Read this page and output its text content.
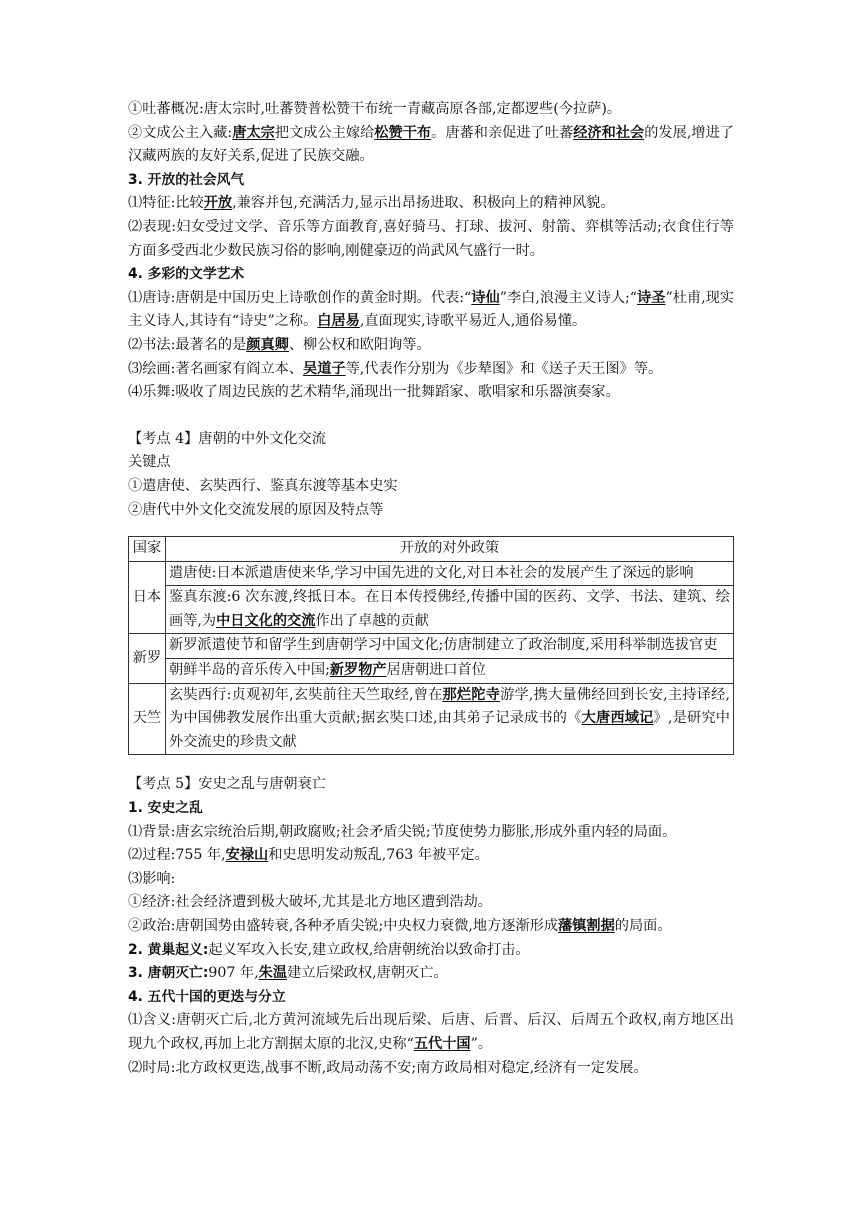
①吐蕃概况:唐太宗时,吐蕃赞普松赞干布统一青藏高原各部,定都逻些(今拉萨)。

②文成公主入藏:唐太宗把文成公主嫁给松赞干布。唐蕃和亲促进了吐蕃经济和社会的发展,增进了汉藏两族的友好关系,促进了民族交融。

3. 开放的社会风气

⑴特征:比较开放,兼容并包,充满活力,显示出昂扬进取、积极向上的精神风貌。

⑵表现:妇女受过文学、音乐等方面教育,喜好骑马、打球、拔河、射箭、弈棋等活动;衣食住行等方面多受西北少数民族习俗的影响,刚健豪迈的尚武风气盛行一时。

4. 多彩的文学艺术

⑴唐诗:唐朝是中国历史上诗歌创作的黄金时期。代表:“诗仙”李白,浪漫主义诗人;“诗圣”杜甫,现实主义诗人,其诗有“诗史”之称。白居易,直面现实,诗歌平易近人,通俗易懂。

⑵书法:最著名的是颜真卿、柳公权和欧阳询等。

⑶绘画:著名画家有阎立本、吴道子等,代表作分别为《步辇图》和《送子天王图》等。

⑷乐舞:吸收了周边民族的艺术精华,涌现出一批舞蹈家、歌唱家和乐器演奏家。

【考点 4】唐朝的中外文化交流

关键点

①遣唐使、玄奘西行、鉴真东渡等基本史实

②唐代中外文化交流发展的原因及特点等

国家	开放的对外政策
日本	遣唐使:日本派遣唐使来华,学习中国先进的文化,对日本社会的发展产生了深远的影响
	鉴真东渡:6 次东渡,终抵日本。在日本传授佛经,传播中国的医药、文学、书法、建筑、绘画等,为中日文化的交流作出了卓越的贡献
新罗	新罗派遣使节和留学生到唐朝学习中国文化;仿唐制建立了政治制度,采用科举制选拔官吏
	朝鲜半岛的音乐传入中国;新罗物产居唐朝进口首位
天竺	玄奘西行:贞观初年,玄奘前往天竺取经,曾在那烂陀寺游学,携大量佛经回到长安,主持译经,为中国佛教发展作出重大贡献;据玄奘口述,由其弟子记录成书的《大唐西域记》,是研究中外交流史的珍贵文献

【考点 5】安史之乱与唐朝衰亡

1. 安史之乱

⑴背景:唐玄宗统治后期,朝政腐败;社会矛盾尖锐;节度使势力膨胀,形成外重内轻的局面。

⑵过程:755 年,安禄山和史思明发动叛乱,763 年被平定。

⑶影响:

①经济:社会经济遭到极大破坏,尤其是北方地区遭到浩劫。

②政治:唐朝国势由盛转衰,各种矛盾尖锐;中央权力衰微,地方逐渐形成藩镇割据的局面。

2. 黄巢起义:起义军攻入长安,建立政权,给唐朝统治以致命打击。

3. 唐朝灭亡:907 年,朱温建立后梁政权,唐朝灭亡。

4. 五代十国的更迭与分立

⑴含义:唐朝灭亡后,北方黄河流域先后出现后梁、后唐、后晋、后汉、后周五个政权,南方地区出现九个政权,再加上北方割据太原的北汉,史称“五代十国”。

⑵时局:北方政权更迭,战事不断,政局动荡不安;南方政局相对稳定,经济有一定发展。
